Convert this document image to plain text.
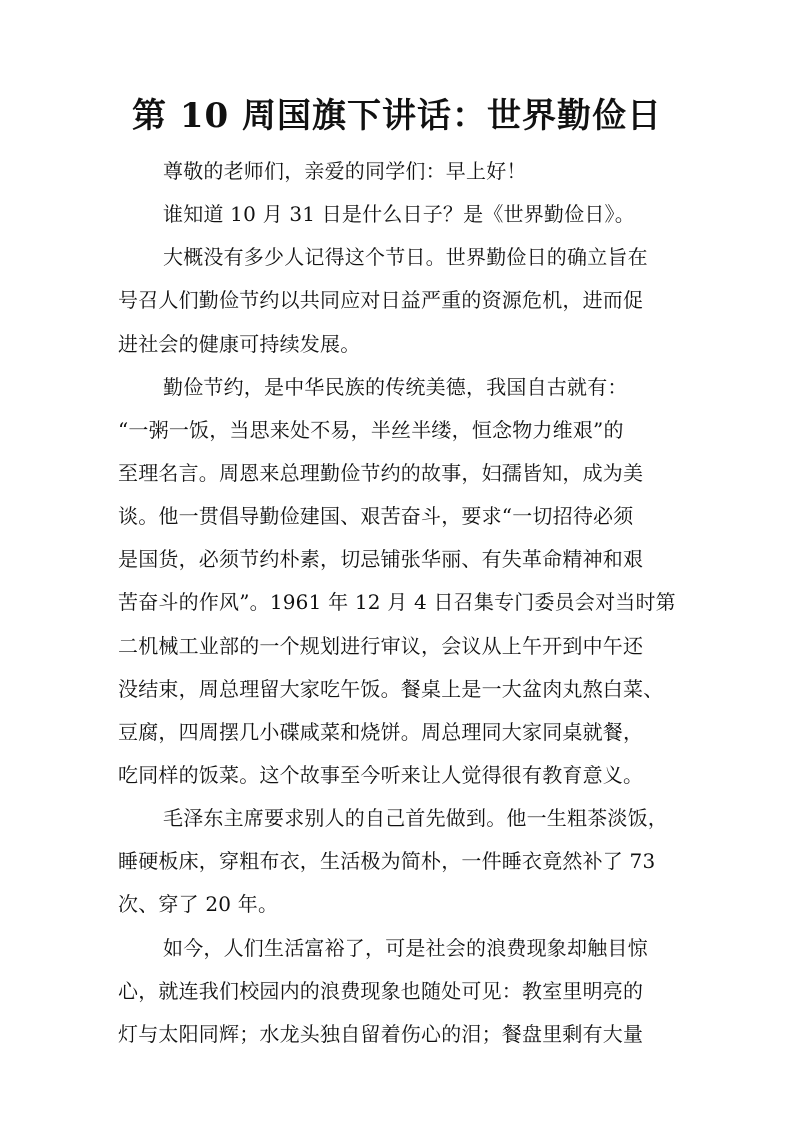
第 10 周国旗下讲话：世界勤俭日
尊敬的老师们，亲爱的同学们：早上好！
谁知道 10 月 31 日是什么日子？是《世界勤俭日》。
大概没有多少人记得这个节日。世界勤俭日的确立旨在
号召人们勤俭节约以共同应对日益严重的资源危机，进而促
进社会的健康可持续发展。
勤俭节约，是中华民族的传统美德，我国自古就有：
“一粥一饭，当思来处不易，半丝半缕，恒念物力维艰”的
至理名言。周恩来总理勤俭节约的故事，妇孺皆知，成为美
谈。他一贯倡导勤俭建国、艰苦奋斗，要求“一切招待必须
是国货，必须节约朴素，切忌铺张华丽、有失革命精神和艰
苦奋斗的作风”。1961 年 12 月 4 日召集专门委员会对当时第
二机械工业部的一个规划进行审议，会议从上午开到中午还
没结束，周总理留大家吃午饭。餐桌上是一大盆肉丸熬白菜、
豆腐，四周摆几小碟咸菜和烧饼。周总理同大家同桌就餐，
吃同样的饭菜。这个故事至今听来让人觉得很有教育意义。
毛泽东主席要求别人的自己首先做到。他一生粗茶淡饭，
睡硬板床，穿粗布衣，生活极为简朴，一件睡衣竟然补了 73
次、穿了 20 年。
如今，人们生活富裕了，可是社会的浪费现象却触目惊
心，就连我们校园内的浪费现象也随处可见：教室里明亮的
灯与太阳同辉；水龙头独自留着伤心的泪；餐盘里剩有大量
